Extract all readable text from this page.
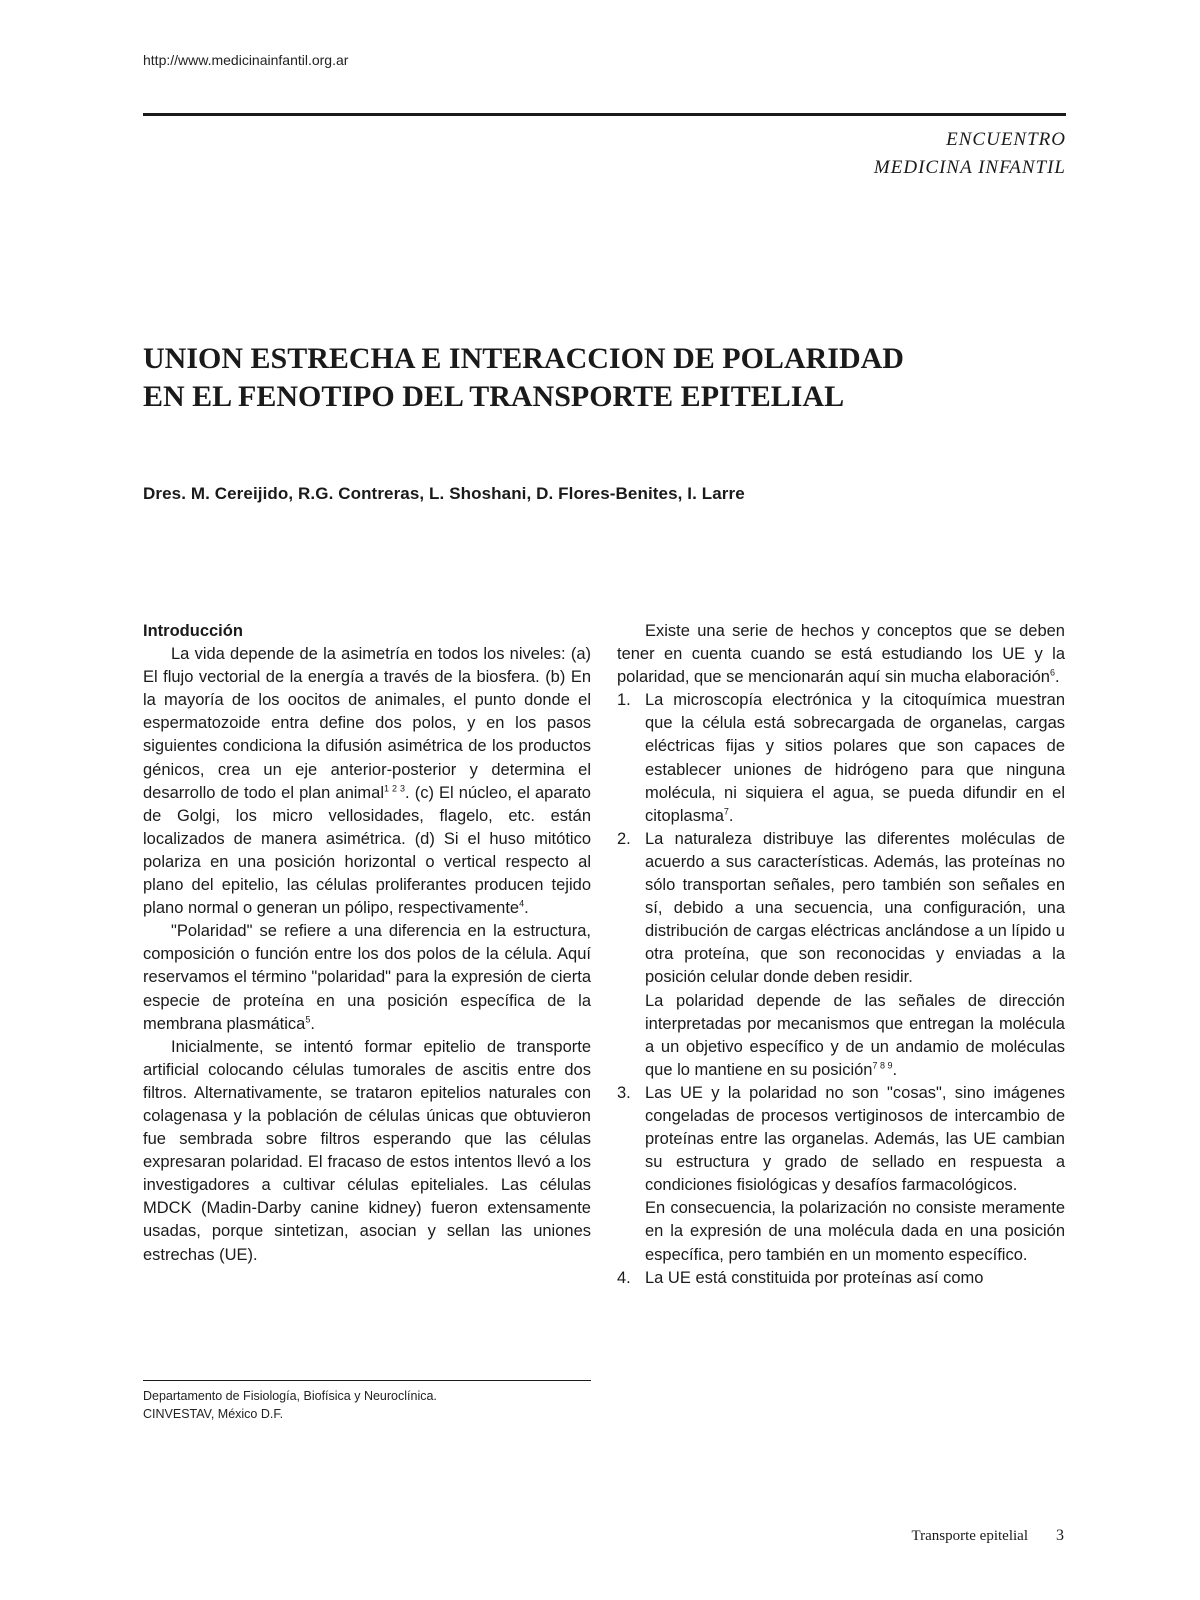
http://www.medicinainfantil.org.ar
ENCUENTRO
MEDICINA INFANTIL
UNION ESTRECHA E INTERACCION DE POLARIDAD
EN EL FENOTIPO DEL TRANSPORTE EPITELIAL
Dres. M. Cereijido, R.G. Contreras, L. Shoshani, D. Flores-Benites, I. Larre
Introducción

La vida depende de la asimetría en todos los niveles: (a) El flujo vectorial de la energía a través de la biosfera. (b) En la mayoría de los oocitos de animales, el punto donde el espermatozoide entra define dos polos, y en los pasos siguientes condiciona la difusión asimétrica de los productos génicos, crea un eje anterior-posterior y determina el desarrollo de todo el plan animal$^{1 2 3}$. (c) El núcleo, el aparato de Golgi, los micro vellosidades, flagelo, etc. están localizados de manera asimétrica. (d) Si el huso mitótico polariza en una posición horizontal o vertical respecto al plano del epitelio, las células proliferantes producen tejido plano normal o generan un pólipo, respectivamente$^4$.

"Polaridad" se refiere a una diferencia en la estructura, composición o función entre los dos polos de la célula. Aquí reservamos el término "polaridad" para la expresión de cierta especie de proteína en una posición específica de la membrana plasmática$^5$.

Inicialmente, se intentó formar epitelio de transporte artificial colocando células tumorales de ascitis entre dos filtros. Alternativamente, se trataron epitelios naturales con colagenasa y la población de células únicas que obtuvieron fue sembrada sobre filtros esperando que las células expresaran polaridad. El fracaso de estos intentos llevó a los investigadores a cultivar células epiteliales. Las células MDCK (Madin-Darby canine kidney) fueron extensamente usadas, porque sintetizan, asocian y sellan las uniones estrechas (UE).

Existe una serie de hechos y conceptos que se deben tener en cuenta cuando se está estudiando los UE y la polaridad, que se mencionarán aquí sin mucha elaboración$^6$.

1. La microscopía electrónica y la citoquímica muestran que la célula está sobrecargada de organelas, cargas eléctricas fijas y sitios polares que son capaces de establecer uniones de hidrógeno para que ninguna molécula, ni siquiera el agua, se pueda difundir en el citoplasma$^7$.

2. La naturaleza distribuye las diferentes moléculas de acuerdo a sus características. Además, las proteínas no sólo transportan señales, pero también son señales en sí, debido a una secuencia, una configuración, una distribución de cargas eléctricas anclándose a un lípido u otra proteína, que son reconocidas y enviadas a la posición celular donde deben residir.

La polaridad depende de las señales de dirección interpretadas por mecanismos que entregan la molécula a un objetivo específico y de un andamio de moléculas que lo mantiene en su posición$^{7 8 9}$.

3. Las UE y la polaridad no son "cosas", sino imágenes congeladas de procesos vertiginosos de intercambio de proteínas entre las organelas. Además, las UE cambian su estructura y grado de sellado en respuesta a condiciones fisiológicas y desafíos farmacológicos.

En consecuencia, la polarización no consiste meramente en la expresión de una molécula dada en una posición específica, pero también en un momento específico.

4. La UE está constituida por proteínas así como

Departamento de Fisiología, Biofísica y Neuroclínica.
CINVESTAV, México D.F.
Transporte epitelial 3
